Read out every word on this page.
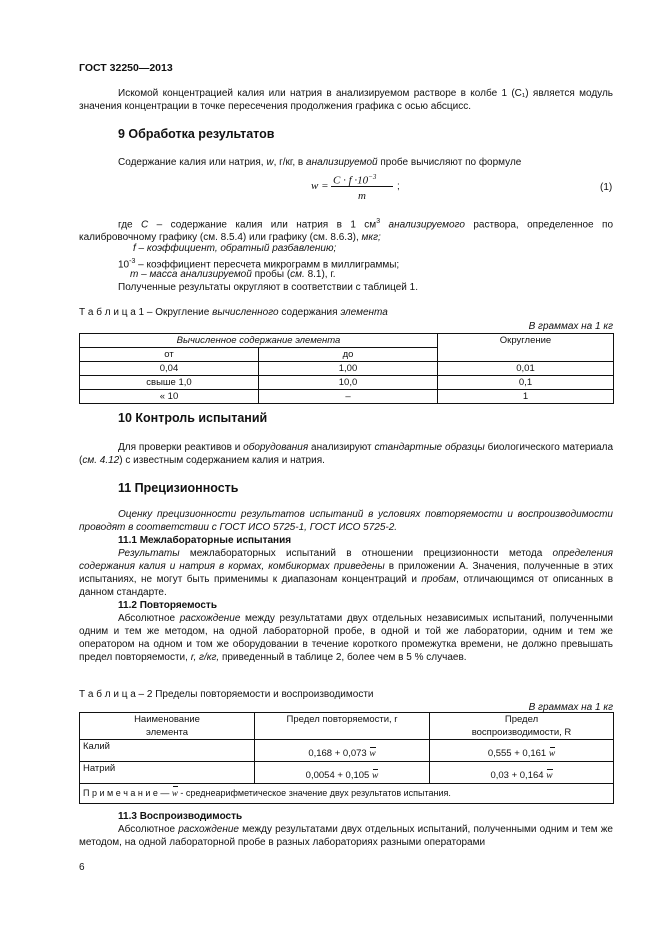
ГОСТ 32250—2013
Искомой концентрацией калия или натрия в анализируемом растворе в колбе 1 (C₁) является модуль значения концентрации в точке пересечения продолжения графика с осью абсцисс.
9 Обработка результатов
Содержание калия или натрия, w, г/кг, в анализируемой пробе вычисляют по формуле
$w = C \cdot f \cdot 10^{-3}$
m
;	(1)
где C – содержание калия или натрия в 1 $см^3$ анализируемого раствора, определенное по калибровочному графику (см. 8.5.4) или графику (см. 8.6.3), мкг;
f – коэффициент, обратный разбавлению;
$10^{-3}$ – коэффициент пересчета микрограмм в миллиграммы;
m – масса анализируемой пробы (см. 8.1), г.
Полученные результаты округляют в соответствии с таблицей 1.
Т а б л и ц а 1 – Округление вычисленного содержания элемента
В граммах на 1 кг
Вычисленное содержание элемента		Округление
от	до	
0,04	1,00	0,01
свыше 1,0	10,0	0,1
« 10	–	1
10 Контроль испытаний
Для проверки реактивов и оборудования анализируют стандартные образцы биологического материала (см. 4.12) с известным содержанием калия и натрия.
11 Прецизионность
Оценку прецизионности результатов испытаний в условиях повторяемости и воспроизводимости проводят в соответствии с ГОСТ ИСО 5725-1, ГОСТ ИСО 5725-2.
11.1 Межлабораторные испытания
Результаты межлабораторных испытаний в отношении прецизионности метода определения содержания калия и натрия в кормах, комбикормах приведены в приложении А. Значения, полученные в этих испытаниях, не могут быть применимы к диапазонам концентраций и пробам, отличающимся от описанных в данном стандарте.
11.2 Повторяемость
Абсолютное расхождение между результатами двух отдельных независимых испытаний, полученными одним и тем же методом, на одной лабораторной пробе, в одной и той же лаборатории, одним и тем же оператором на одном и том же оборудовании в течение короткого промежутка времени, не должно превышать предел повторяемости, r, г/кг, приведенный в таблице 2, более чем в 5 % случаев.
Т а б л и ц а – 2 Пределы повторяемости и воспроизводимости
В граммах на 1 кг
Наименование
элемента	Предел повторяемости, r	Предел
воспроизводимости, R
Калий	0,168 + 0,073 w	0,555 + 0,161 w
Натрий	0,0054 + 0,105 w	0,03 + 0,164 w
П р и м е ч а н и е — w - среднеарифметическое значение двух результатов испытания.		
11.3 Воспроизводимость
Абсолютное расхождение между результатами двух отдельных испытаний, полученными одним и тем же методом, на одной лабораторной пробе в разных лабораториях разными операторами
6
